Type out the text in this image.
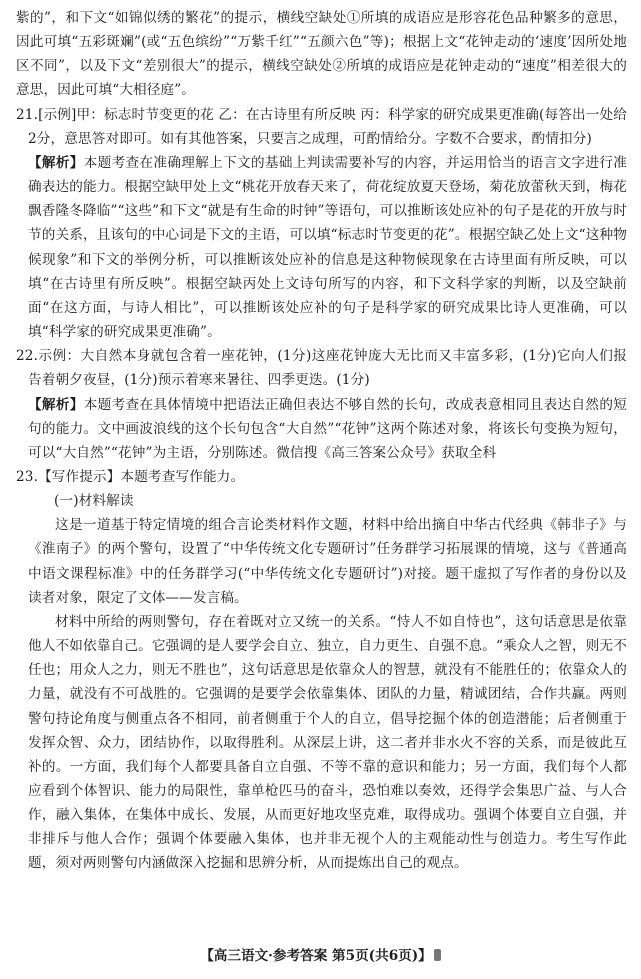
紫的”，和下文“如锦似绣的繁花”的提示，横线空缺处①所填的成语应是形容花色品种繁多的意思，因此可填“五彩斑斓”(或“五色缤纷”“万紫千红”“五颜六色”等)；根据上文“花钟走动的‘速度’因所处地区不同”，以及下文“差别很大”的提示，横线空缺处②所填的成语应是花钟走动的“速度”相差很大的意思，因此可填“大相径庭”。

21.[示例]甲：标志时节变更的花 乙：在古诗里有所反映 丙：科学家的研究成果更准确(每答出一处给2分，意思答对即可。如有其他答案，只要言之成理，可酌情给分。字数不合要求，酌情扣分)

【解析】本题考查在准确理解上下文的基础上判读需要补写的内容，并运用恰当的语言文字进行准确表达的能力。根据空缺甲处上文“桃花开放春天来了，荷花绽放夏天登场，菊花放蕾秋天到，梅花飘香隆冬降临”“这些”和下文“就是有生命的时钟”等语句，可以推断该处应补的句子是花的开放与时节的关系，且该句的中心词是下文的主语，可以填“标志时节变更的花”。根据空缺乙处上文“这种物候现象”和下文的举例分析，可以推断该处应补的信息是这种物候现象在古诗里面有所反映，可以填“在古诗里有所反映”。根据空缺丙处上文诗句所写的内容，和下文科学家的判断，以及空缺前面“在这方面，与诗人相比”，可以推断该处应补的句子是科学家的研究成果比诗人更准确，可以填“科学家的研究成果更准确”。

22.示例：大自然本身就包含着一座花钟，(1分)这座花钟庞大无比而又丰富多彩，(1分)它向人们报告着朝夕夜昼，(1分)预示着寒来暑往、四季更迭。(1分)

【解析】本题考查在具体情境中把语法正确但表达不够自然的长句，改成表意相同且表达自然的短句的能力。文中画波浪线的这个长句包含“大自然”“花钟”这两个陈述对象，将该长句变换为短句，可以“大自然”“花钟”为主语，分别陈述。微信搜《高三答案公众号》获取全科

23.【写作提示】本题考查写作能力。

(一)材料解读

这是一道基于特定情境的组合言论类材料作文题，材料中给出摘自中华古代经典《韩非子》与《淮南子》的两个警句，设置了“中华传统文化专题研讨”任务群学习拓展课的情境，这与《普通高中语文课程标准》中的任务群学习(“中华传统文化专题研讨”)对接。题干虚拟了写作者的身份以及读者对象，限定了文体——发言稿。

材料中所给的两则警句，存在着既对立又统一的关系。“恃人不如自恃也”，这句话意思是依靠他人不如依靠自己。它强调的是人要学会自立、独立，自力更生、自强不息。“乘众人之智，则无不任也；用众人之力，则无不胜也”，这句话意思是依靠众人的智慧，就没有不能胜任的；依靠众人的力量，就没有不可战胜的。它强调的是要学会依靠集体、团队的力量，精诚团结，合作共赢。两则警句持论角度与侧重点各不相同，前者侧重于个人的自立，倡导挖掘个体的创造潜能；后者侧重于发挥众智、众力，团结协作，以取得胜利。从深层上讲，这二者并非水火不容的关系，而是彼此互补的。一方面，我们每个人都要具备自立自强、不等不靠的意识和能力；另一方面，我们每个人都应看到个体智识、能力的局限性，靠单枪匹马的奋斗，恐怕难以奏效，还得学会集思广益、与人合作，融入集体，在集体中成长、发展，从而更好地攻坚克难，取得成功。强调个体要自立自强，并非排斥与他人合作；强调个体要融入集体，也并非无视个人的主观能动性与创造力。考生写作此题，须对两则警句内涵做深入挖掘和思辨分析，从而提炼出自己的观点。

【高三语文·参考答案 第5页(共6页)】
